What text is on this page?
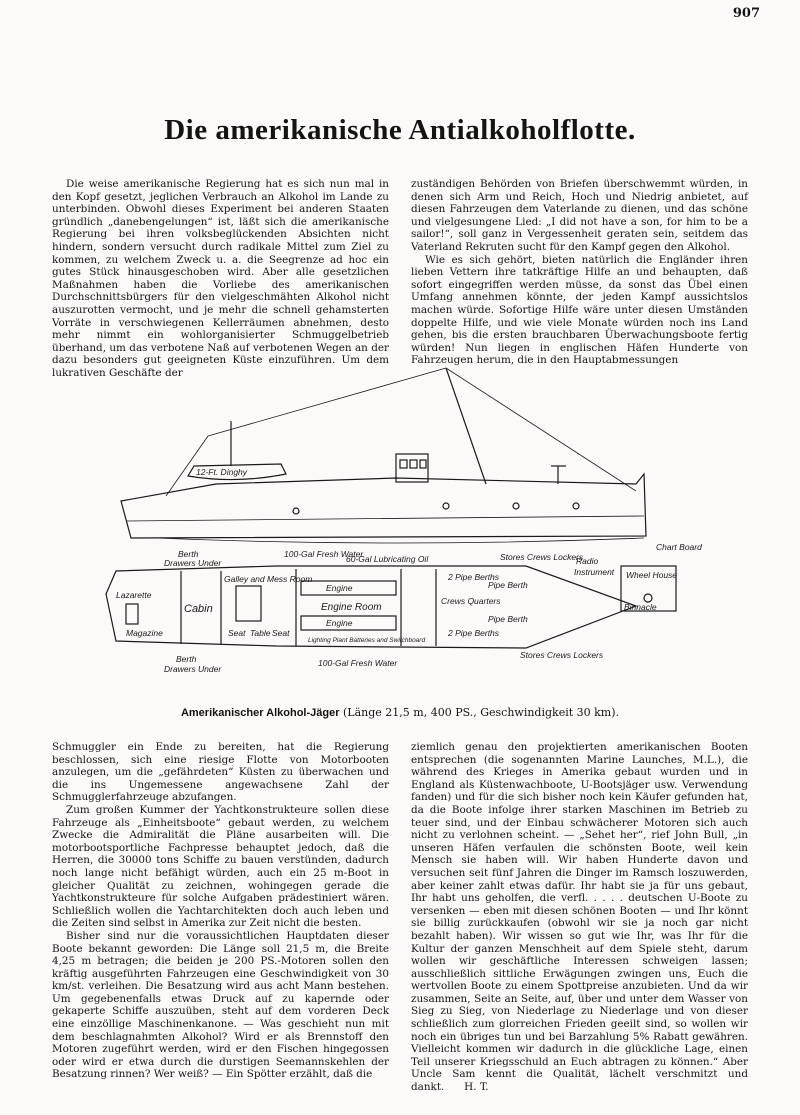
907
Die amerikanische Antialkoholflotte.

Die weise amerikanische Regierung hat es sich nun mal in den Kopf gesetzt, jeglichen Verbrauch an Alkohol im Lande zu unterbinden. Obwohl dieses Experiment bei anderen Staaten gründlich „danebengelungen“ ist, läßt sich die amerikanische Regierung bei ihren volksbeglückenden Absichten nicht hindern, sondern versucht durch radikale Mittel zum Ziel zu kommen, zu welchem Zweck u. a. die Seegrenze ad hoc ein gutes Stück hinausgeschoben wird. Aber alle gesetzlichen Maßnahmen haben die Vorliebe des amerikanischen Durchschnittsbürgers für den vielgeschmähten Alkohol nicht auszurotten vermocht, und je mehr die schnell gehamsterten Vorräte in verschwiegenen Kellerräumen abnehmen, desto mehr nimmt ein wohlorganisierter Schmuggelbetrieb überhand, um das verbotene Naß auf verbotenen Wegen an der dazu besonders gut geeigneten Küste einzuführen. Um dem lukrativen Geschäfte der

zuständigen Behörden von Briefen überschwemmt würden, in denen sich Arm und Reich, Hoch und Niedrig anbietet, auf diesen Fahrzeugen dem Vaterlande zu dienen, und das schöne und vielgesungene Lied: „I did not have a son, for him to be a sailor!“, soll ganz in Vergessenheit geraten sein, seitdem das Vaterland Rekruten sucht für den Kampf gegen den Alkohol.

Wie es sich gehört, bieten natürlich die Engländer ihren lieben Vettern ihre tatkräftige Hilfe an und behaupten, daß sofort eingegriffen werden müsse, da sonst das Übel einen Umfang annehmen könnte, der jeden Kampf aussichtslos machen würde. Sofortige Hilfe wäre unter diesen Umständen doppelte Hilfe, und wie viele Monate würden noch ins Land gehen, bis die ersten brauchbaren Überwachungsboote fertig würden! Nun liegen in englischen Häfen Hunderte von Fahrzeugen herum, die in den Hauptabmessungen

12-Ft. Dinghy
Chart Board
Berth
Drawers Under
100-Gal Fresh Water
60-Gal Lubricating Oil	Stores Crews Lockers
Radio
Instrument Wheel House
Binnacle
Lazarette
Magazine
Cabin
Galley and Mess Room
Seat Table Seat
Engine
Engine Room
Engine
Lighting Plant Batteries and Switchboard
2 Pipe Berths
Pipe Berth
Crews Quarters
Pipe Berth
2 Pipe Berths
Stores Crews Lockers
Berth
Drawers Under
100-Gal Fresh Water
Amerikanischer Alkohol-Jäger (Länge 21,5 m, 400 PS., Geschwindigkeit 30 km).

Schmuggler ein Ende zu bereiten, hat die Regierung beschlossen, sich eine riesige Flotte von Motorbooten anzulegen, um die „gefährdeten“ Küsten zu überwachen und die ins Ungemessene angewachsene Zahl der Schmugglerfahrzeuge abzufangen.

Zum großen Kummer der Yachtkonstrukteure sollen diese Fahrzeuge als „Einheitsboote“ gebaut werden, zu welchem Zwecke die Admiralität die Pläne ausarbeiten will. Die motorbootsportliche Fachpresse behauptet jedoch, daß die Herren, die 30000 tons Schiffe zu bauen verstünden, dadurch noch lange nicht befähigt würden, auch ein 25 m-Boot in gleicher Qualität zu zeichnen, wohingegen gerade die Yachtkonstrukteure für solche Aufgaben prädestiniert wären. Schließlich wollen die Yachtarchitekten doch auch leben und die Zeiten sind selbst in Amerika zur Zeit nicht die besten.

Bisher sind nur die voraussichtlichen Hauptdaten dieser Boote bekannt geworden: Die Länge soll 21,5 m, die Breite 4,25 m betragen; die beiden je 200 PS.-Motoren sollen den kräftig ausgeführten Fahrzeugen eine Geschwindigkeit von 30 km/st. verleihen. Die Besatzung wird aus acht Mann bestehen. Um gegebenenfalls etwas Druck auf zu kapernde oder gekaperte Schiffe auszuüben, steht auf dem vorderen Deck eine einzöllige Maschinenkanone. — Was geschieht nun mit dem beschlagnahmten Alkohol? Wird er als Brennstoff den Motoren zugeführt werden, wird er den Fischen hingegossen oder wird er etwa durch die durstigen Seemannskehlen der Besatzung rinnen? Wer weiß? — Ein Spötter erzählt, daß die

ziemlich genau den projektierten amerikanischen Booten entsprechen (die sogenannten Marine Launches, M.L.), die während des Krieges in Amerika gebaut wurden und in England als Küstenwachboote, U-Bootsjäger usw. Verwendung fanden) und für die sich bisher noch kein Käufer gefunden hat, da die Boote infolge ihrer starken Maschinen im Betrieb zu teuer sind, und der Einbau schwächerer Motoren sich auch nicht zu verlohnen scheint. — „Sehet her“, rief John Bull, „in unseren Häfen verfaulen die schönsten Boote, weil kein Mensch sie haben will. Wir haben Hunderte davon und versuchen seit fünf Jahren die Dinger im Ramsch loszuwerden, aber keiner zahlt etwas dafür. Ihr habt sie ja für uns gebaut, Ihr habt uns geholfen, die verfl. . . . . deutschen U-Boote zu versenken — eben mit diesen schönen Booten — und Ihr könnt sie billig zurückkaufen (obwohl wir sie ja noch gar nicht bezahlt haben). Wir wissen so gut wie Ihr, was Ihr für die Kultur der ganzen Menschheit auf dem Spiele steht, darum wollen wir geschäftliche Interessen schweigen lassen; ausschließlich sittliche Erwägungen zwingen uns, Euch die wertvollen Boote zu einem Spottpreise anzubieten. Und da wir zusammen, Seite an Seite, auf, über und unter dem Wasser von Sieg zu Sieg, von Niederlage zu Niederlage und von dieser schließlich zum glorreichen Frieden geeilt sind, so wollen wir noch ein übriges tun und bei Barzahlung 5% Rabatt gewähren. Vielleicht kommen wir dadurch in die glückliche Lage, einen Teil unserer Kriegsschuld an Euch abtragen zu können.“ Aber Uncle Sam kennt die Qualität, lächelt verschmitzt und dankt. H. T.
